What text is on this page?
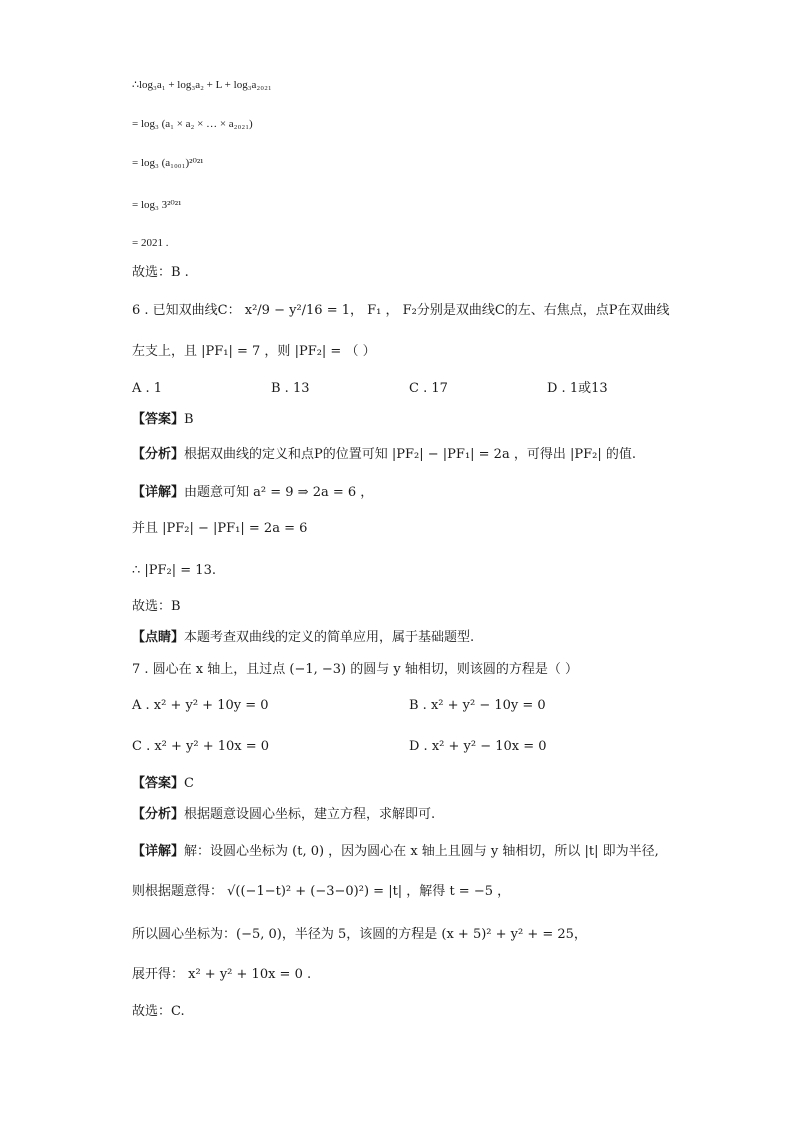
∴log₃a₁ + log₃a₂ + L + log₃a₂₀₂₁
= log₃ (a₁ × a₂ × … × a₂₀₂₁)
= log₃ (a₁₀₀₁)²⁰²¹
= log₃ 3²⁰²¹
= 2021 .
故选：B .
6 . 已知双曲线C： x²/9 − y²/16 = 1， F₁ ， F₂分别是双曲线C的左、右焦点，点P在双曲线
左支上，且 |PF₁| = 7 ，则 |PF₂| = （ ）
A . 1	B . 13	C . 17	D . 1或13
【答案】B
【分析】根据双曲线的定义和点P的位置可知 |PF₂| − |PF₁| = 2a ，可得出 |PF₂| 的值.
【详解】由题意可知 a² = 9 ⇒ 2a = 6 ，
并且 |PF₂| − |PF₁| = 2a = 6
∴ |PF₂| = 13.
故选：B
【点睛】本题考查双曲线的定义的简单应用，属于基础题型.
7 . 圆心在 x 轴上，且过点 (−1, −3) 的圆与 y 轴相切，则该圆的方程是（ ）
A . x² + y² + 10y = 0	B . x² + y² − 10y = 0
C . x² + y² + 10x = 0	D . x² + y² − 10x = 0
【答案】C
【分析】根据题意设圆心坐标，建立方程，求解即可.
【详解】解：设圆心坐标为 (t, 0) ，因为圆心在 x 轴上且圆与 y 轴相切，所以 |t| 即为半径,
则根据题意得： √((−1−t)² + (−3−0)²) = |t| ，解得 t = −5 ，
所以圆心坐标为：(−5, 0)，半径为 5，该圆的方程是 (x + 5)² + y² + = 25，
展开得： x² + y² + 10x = 0 .
故选：C.
